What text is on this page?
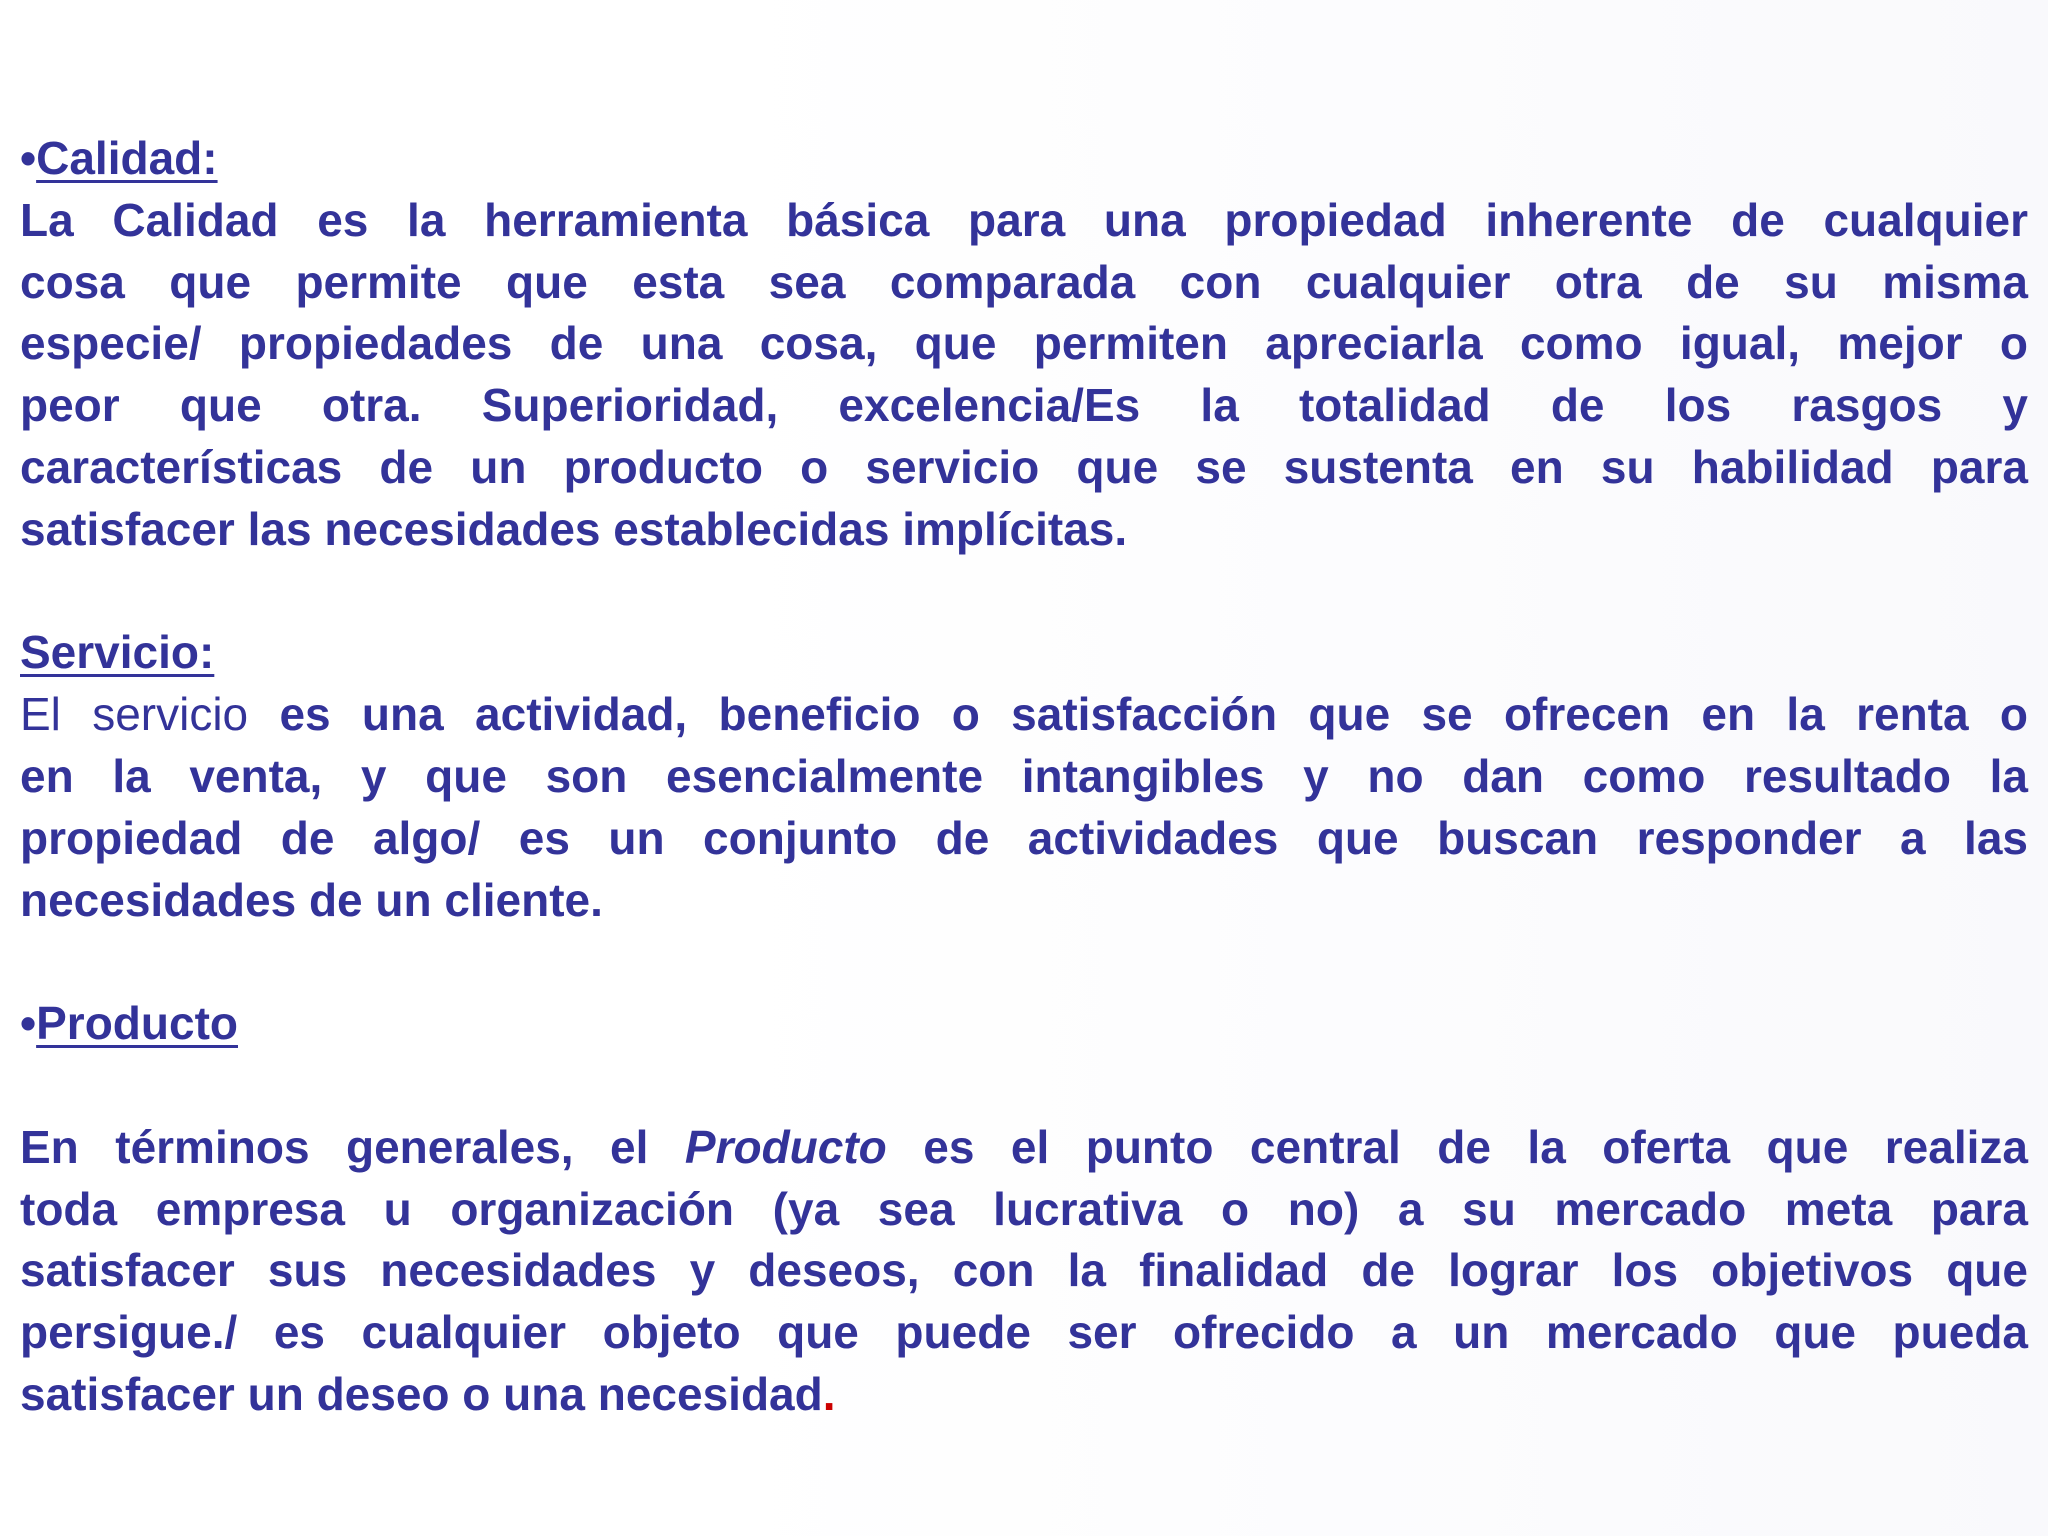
•Calidad:
La Calidad es la herramienta básica para una propiedad inherente de cualquier
cosa que permite que esta sea comparada con cualquier otra de su misma
especie/ propiedades de una cosa, que permiten apreciarla como igual, mejor o
peor que otra. Superioridad, excelencia/Es la totalidad de los rasgos y
características de un producto o servicio que se sustenta en su habilidad para
satisfacer las necesidades establecidas implícitas.
Servicio:
El servicio es una actividad, beneficio o satisfacción que se ofrecen en la renta o
en la venta, y que son esencialmente intangibles y no dan como resultado la
propiedad de algo/ es un conjunto de actividades que buscan responder a las
necesidades de un cliente.
•Producto
En términos generales, el Producto es el punto central de la oferta que realiza
toda empresa u organización (ya sea lucrativa o no) a su mercado meta para
satisfacer sus necesidades y deseos, con la finalidad de lograr los objetivos que
persigue./ es cualquier objeto que puede ser ofrecido a un mercado que pueda
satisfacer un deseo o una necesidad.
